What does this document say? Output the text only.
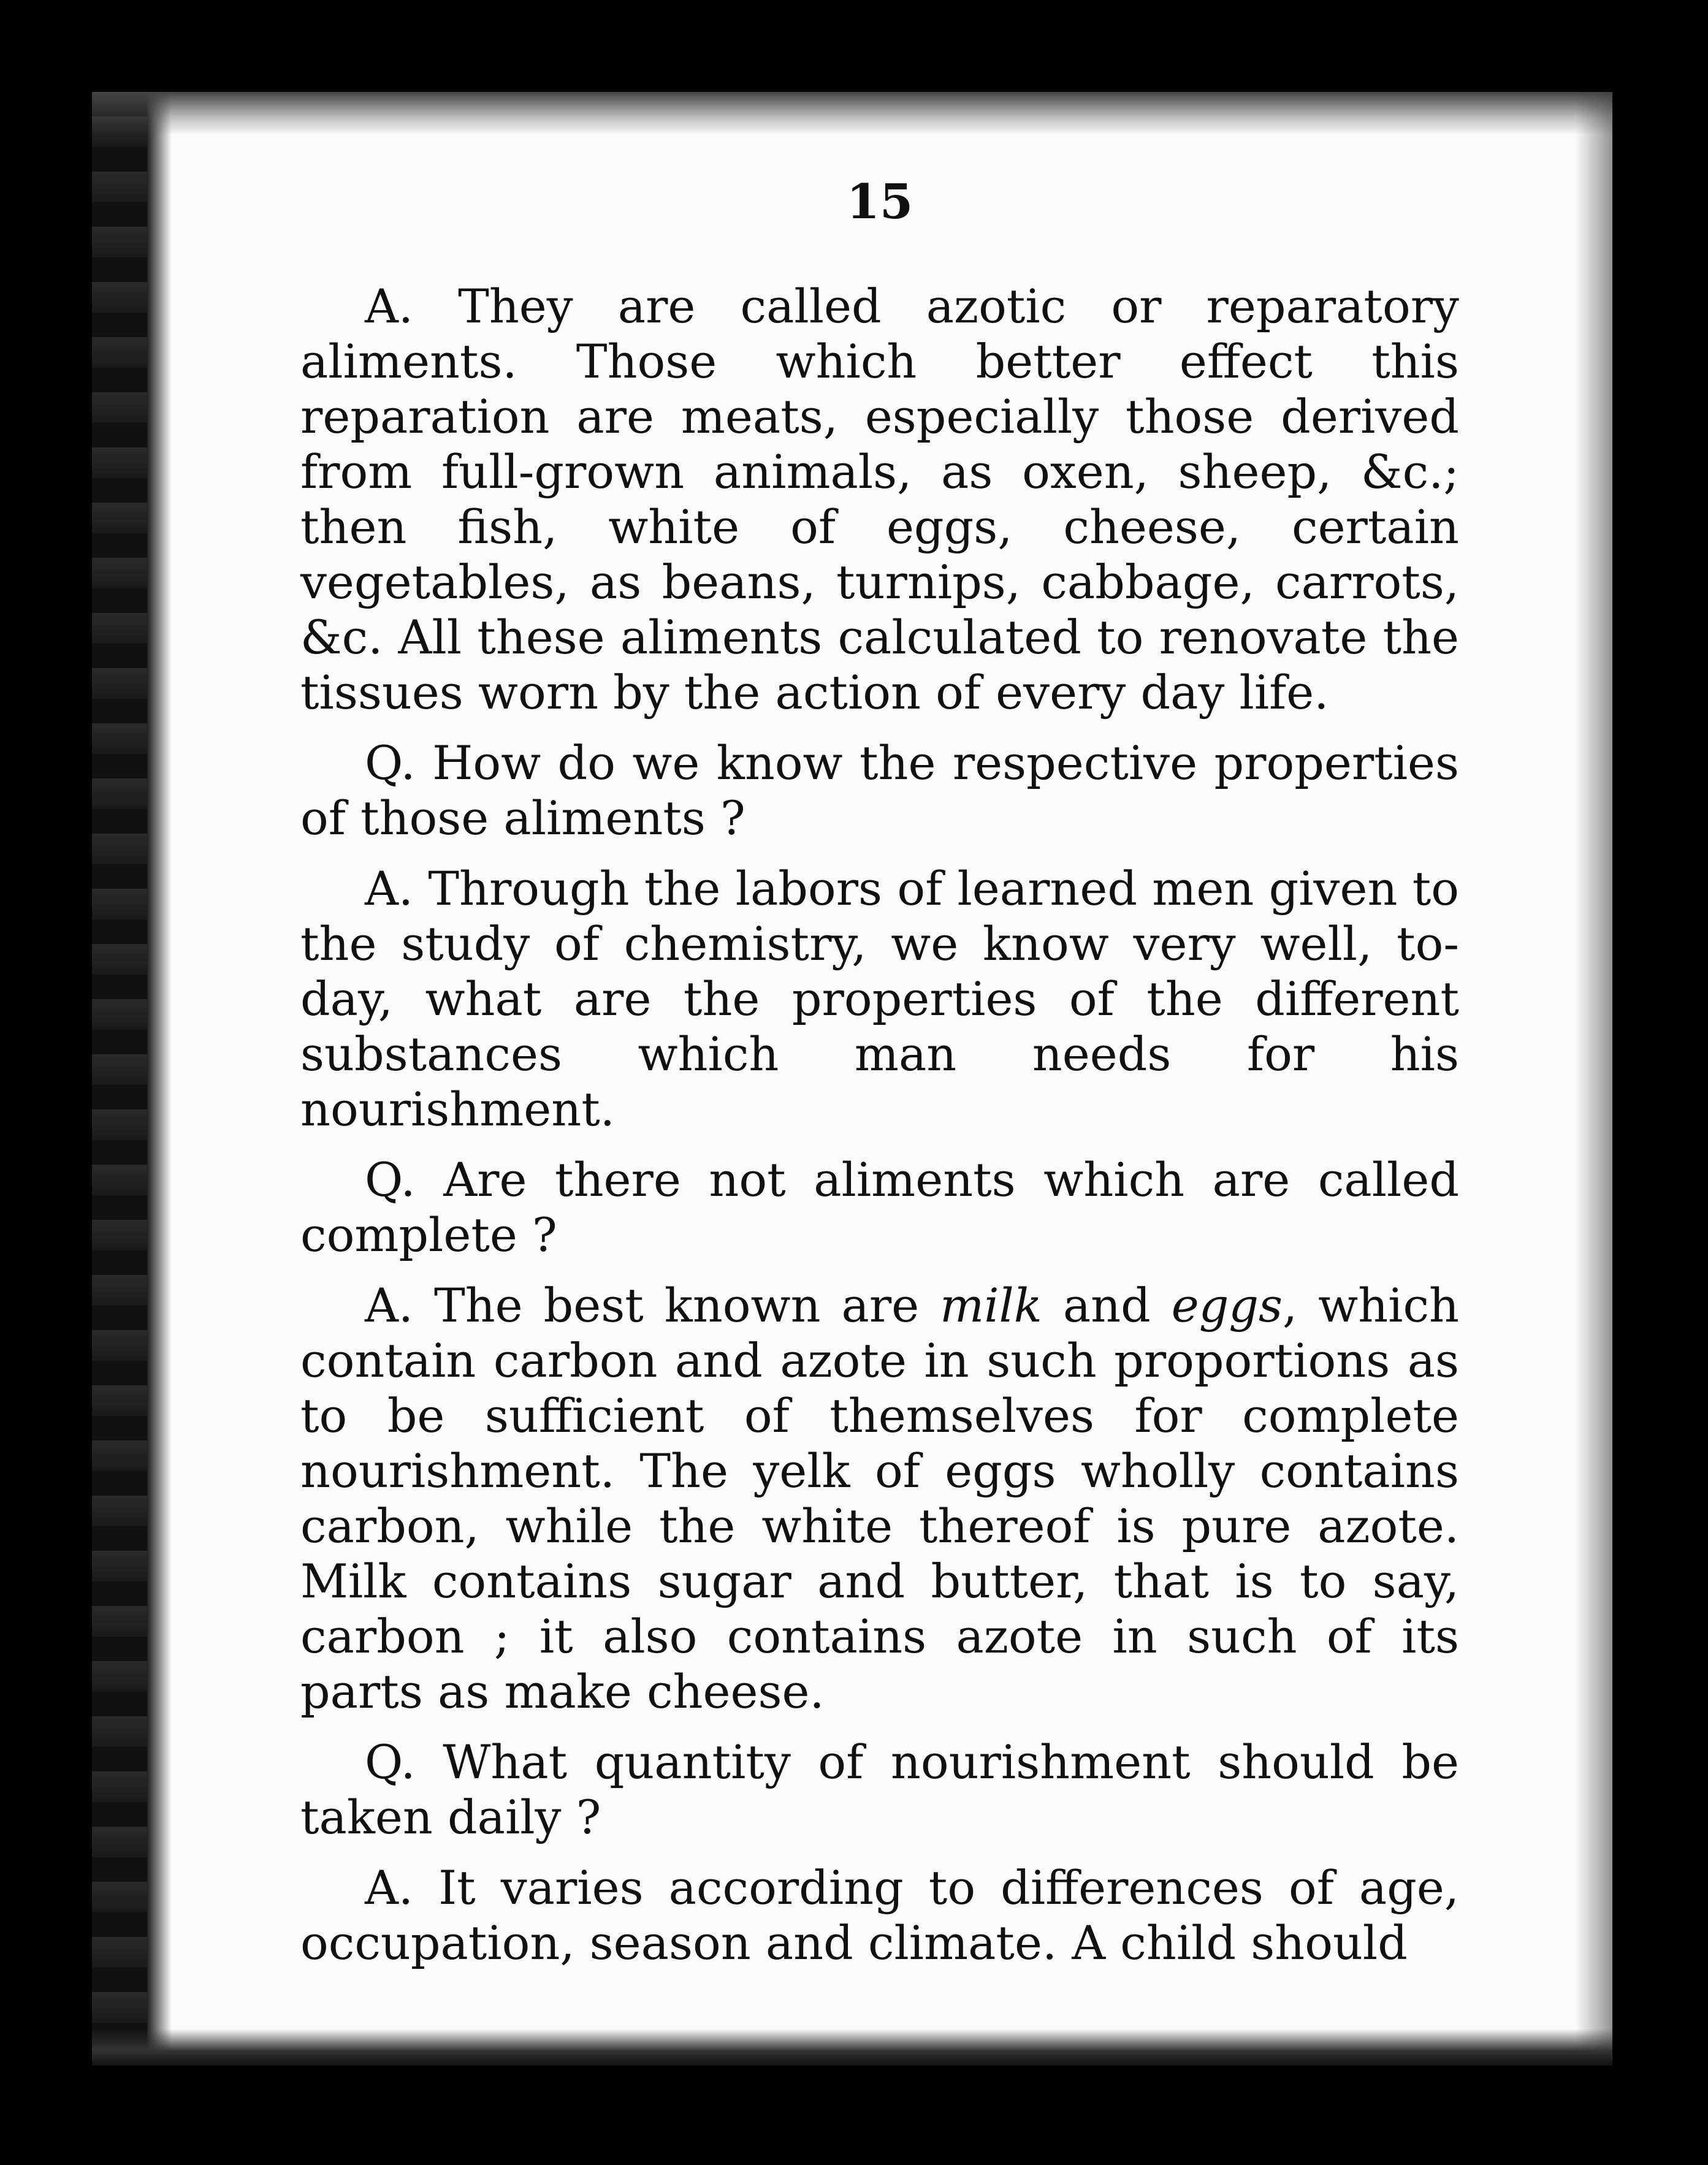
15

A. They are called azotic or reparatory aliments. Those which better effect this reparation are meats, especially those derived from full-grown animals, as oxen, sheep, &c.; then fish, white of eggs, cheese, certain vegetables, as beans, turnips, cabbage, carrots, &c. All these aliments calculated to renovate the tissues worn by the action of every day life.

Q. How do we know the respective properties of those aliments ?

A. Through the labors of learned men given to the study of chemistry, we know very well, to-day, what are the properties of the different substances which man needs for his nourishment.

Q. Are there not aliments which are called complete ?

A. The best known are milk and eggs, which contain carbon and azote in such proportions as to be sufficient of themselves for complete nourishment. The yelk of eggs wholly contains carbon, while the white thereof is pure azote. Milk contains sugar and butter, that is to say, carbon ; it also contains azote in such of its parts as make cheese.

Q. What quantity of nourishment should be taken daily ?

A. It varies according to differences of age, occupation, season and climate. A child should
